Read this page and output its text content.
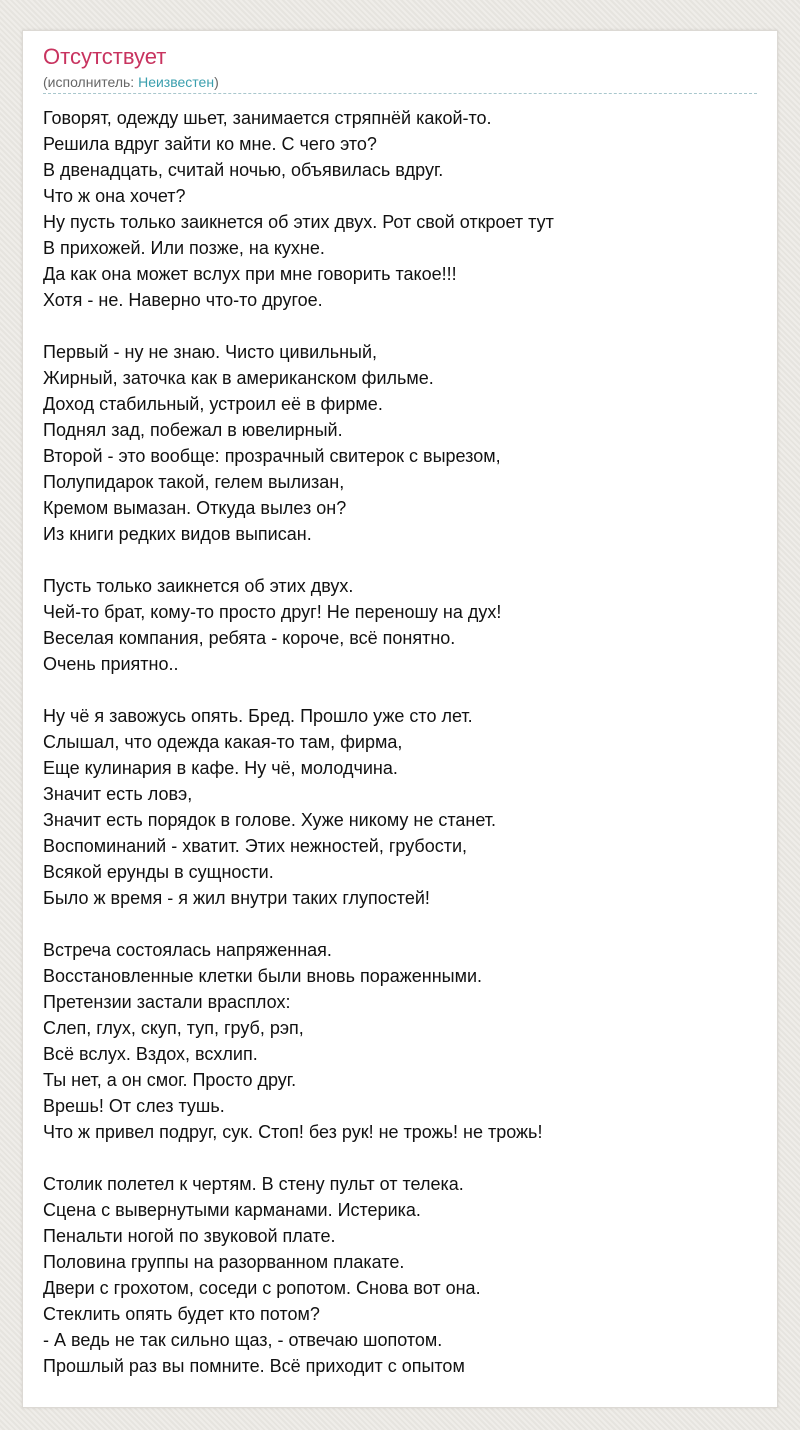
Отсутствует
(исполнитель: Неизвестен)
Говорят, одежду шьет, занимается стряпнёй какой-то.
Решила вдруг зайти ко мне. С чего это?
В двенадцать, считай ночью, объявилась вдруг.
Что ж она хочет?
Ну пусть только заикнется об этих двух. Рот свой откроет тут
В прихожей. Или позже, на кухне.
Да как она может вслух при мне говорить такое!!!
Хотя - не. Наверно что-то другое.
Первый - ну не знаю. Чисто цивильный,
Жирный, заточка как в американском фильме.
Доход стабильный, устроил её в фирме.
Поднял зад, побежал в ювелирный.
Второй - это вообще: прозрачный свитерок с вырезом,
Полупидарок такой, гелем вылизан,
Кремом вымазан. Откуда вылез он?
Из книги редких видов выписан.
Пусть только заикнется об этих двух.
Чей-то брат, кому-то просто друг! Не переношу на дух!
Веселая компания, ребята - короче, всё понятно.
Очень приятно..
Ну чё я завожусь опять. Бред. Прошло уже сто лет.
Слышал, что одежда какая-то там, фирма,
Еще кулинария в кафе. Ну чё, молодчина.
Значит есть ловэ,
Значит есть порядок в голове. Хуже никому не станет.
Воспоминаний - хватит. Этих нежностей, грубости,
Всякой ерунды в сущности.
Было ж время - я жил внутри таких глупостей!
Встреча состоялась напряженная.
Восстановленные клетки были вновь пораженными.
Претензии застали врасплох:
Слеп, глух, скуп, туп, груб, рэп,
Всё вслух. Вздох, всхлип.
Ты нет, а он смог. Просто друг.
Врешь! От слез тушь.
Что ж привел подруг, сук. Стоп! без рук! не трожь! не трожь!
Столик полетел к чертям. В стену пульт от телека.
Сцена с вывернутыми карманами. Истерика.
Пенальти ногой по звуковой плате.
Половина группы на разорванном плакате.
Двери с грохотом, соседи с ропотом. Снова вот она.
Стеклить опять будет кто потом?
- А ведь не так сильно щаз, - отвечаю шопотом.
Прошлый раз вы помните. Всё приходит с опытом
